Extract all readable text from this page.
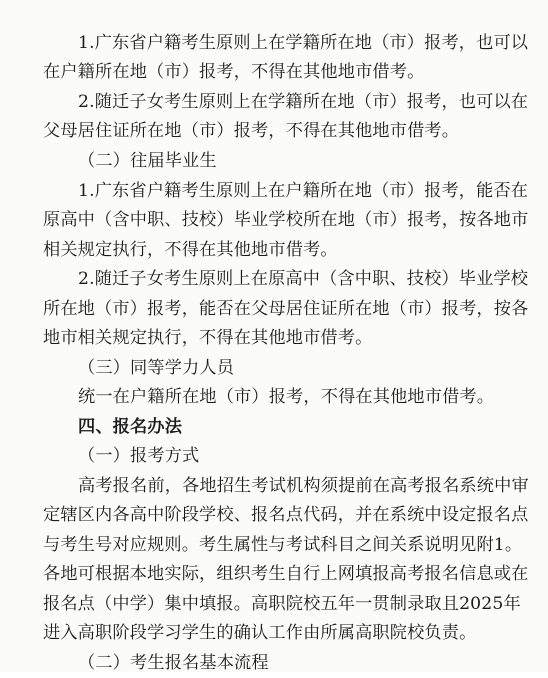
1.广东省户籍考生原则上在学籍所在地（市）报考，也可以
在户籍所在地（市）报考，不得在其他地市借考。
2.随迁子女考生原则上在学籍所在地（市）报考，也可以在
父母居住证所在地（市）报考，不得在其他地市借考。
（二）往届毕业生
1.广东省户籍考生原则上在户籍所在地（市）报考，能否在
原高中（含中职、技校）毕业学校所在地（市）报考，按各地市
相关规定执行，不得在其他地市借考。
2.随迁子女考生原则上在原高中（含中职、技校）毕业学校
所在地（市）报考，能否在父母居住证所在地（市）报考，按各
地市相关规定执行，不得在其他地市借考。
（三）同等学力人员
统一在户籍所在地（市）报考，不得在其他地市借考。
四、报名办法
（一）报考方式
高考报名前，各地招生考试机构须提前在高考报名系统中审
定辖区内各高中阶段学校、报名点代码，并在系统中设定报名点
与考生号对应规则。考生属性与考试科目之间关系说明见附1。
各地可根据本地实际，组织考生自行上网填报高考报名信息或在
报名点（中学）集中填报。高职院校五年一贯制录取且2025年
进入高职阶段学习学生的确认工作由所属高职院校负责。
（二）考生报名基本流程
